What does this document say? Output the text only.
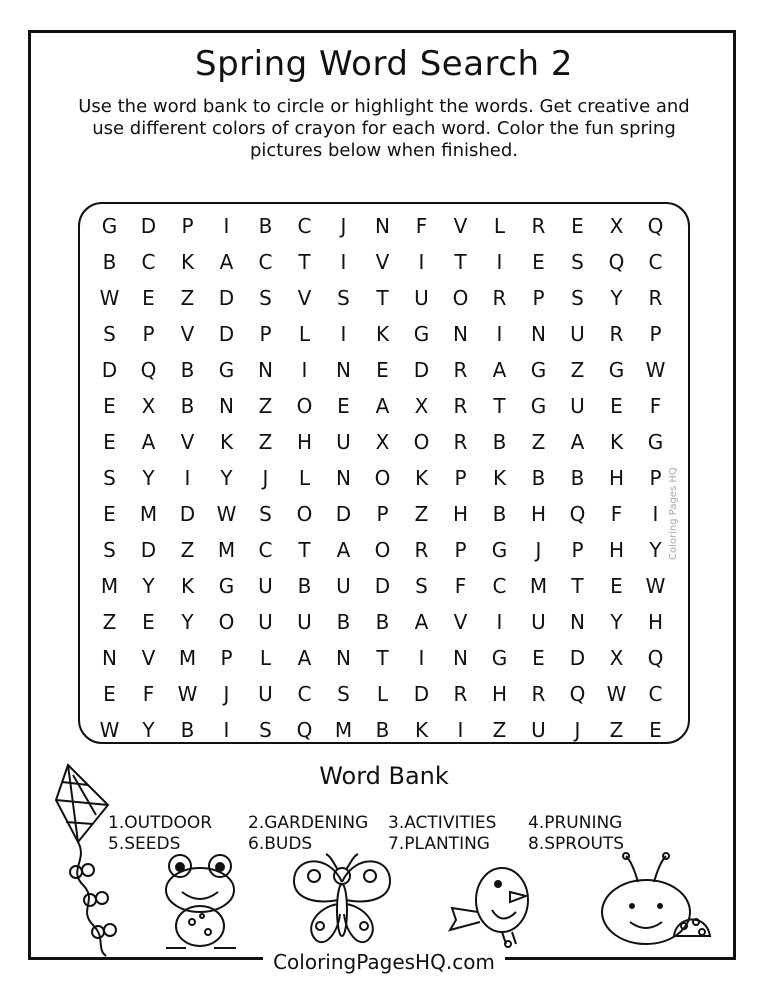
Spring Word Search 2
Use the word bank to circle or highlight the words. Get creative and use different colors of crayon for each word. Color the fun spring pictures below when finished.
G	D	P	I	B	C	J	N	F	V	L	R	E	X	Q
B	C	K	A	C	T	I	V	I	T	I	E	S	Q	C
W	E	Z	D	S	V	S	T	U	O	R	P	S	Y	R
S	P	V	D	P	L	I	K	G	N	I	N	U	R	P
D	Q	B	G	N	I	N	E	D	R	A	G	Z	G	W
E	X	B	N	Z	O	E	A	X	R	T	G	U	E	F
E	A	V	K	Z	H	U	X	O	R	B	Z	A	K	G
S	Y	I	Y	J	L	N	O	K	P	K	B	B	H	P
E	M	D	W	S	O	D	P	Z	H	B	H	Q	F	I
S	D	Z	M	C	T	A	O	R	P	G	J	P	H	Y
M	Y	K	G	U	B	U	D	S	F	C	M	T	E	W
Z	E	Y	O	U	U	B	B	A	V	I	U	N	Y	H
N	V	M	P	L	A	N	T	I	N	G	E	D	X	Q
E	F	W	J	U	C	S	L	D	R	H	R	Q	W	C
W	Y	B	I	S	Q	M	B	K	I	Z	U	J	Z	E
Coloring Pages HQ
Word Bank
1.OUTDOOR	2.GARDENING	3.ACTIVITIES	4.PRUNING
5.SEEDS	6.BUDS	7.PLANTING	8.SPROUTS
ColoringPagesHQ.com
